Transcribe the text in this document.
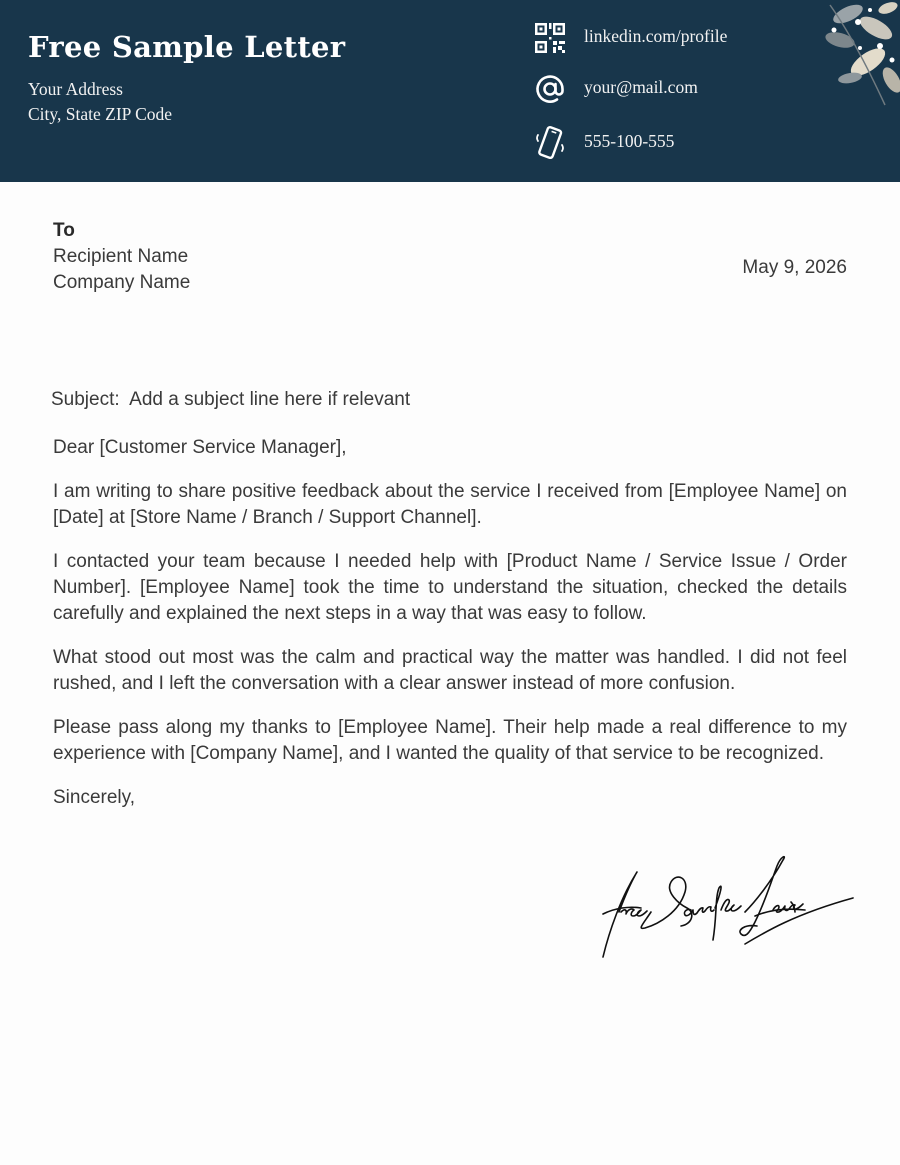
Free Sample Letter
Your Address
City, State ZIP Code
linkedin.com/profile
your@mail.com
555-100-555
To
Recipient Name
Company Name
May 9, 2026
Subject:  Add a subject line here if relevant

Dear [Customer Service Manager],

I am writing to share positive feedback about the service I received from [Employee Name] on [Date] at [Store Name / Branch / Support Channel].

I contacted your team because I needed help with [Product Name / Service Issue / Order Number]. [Employee Name] took the time to understand the situation, checked the details carefully and explained the next steps in a way that was easy to follow.

What stood out most was the calm and practical way the matter was handled. I did not feel rushed, and I left the conversation with a clear answer instead of more confusion.

Please pass along my thanks to [Employee Name]. Their help made a real difference to my experience with [Company Name], and I wanted the quality of that service to be recognized.

Sincerely,
